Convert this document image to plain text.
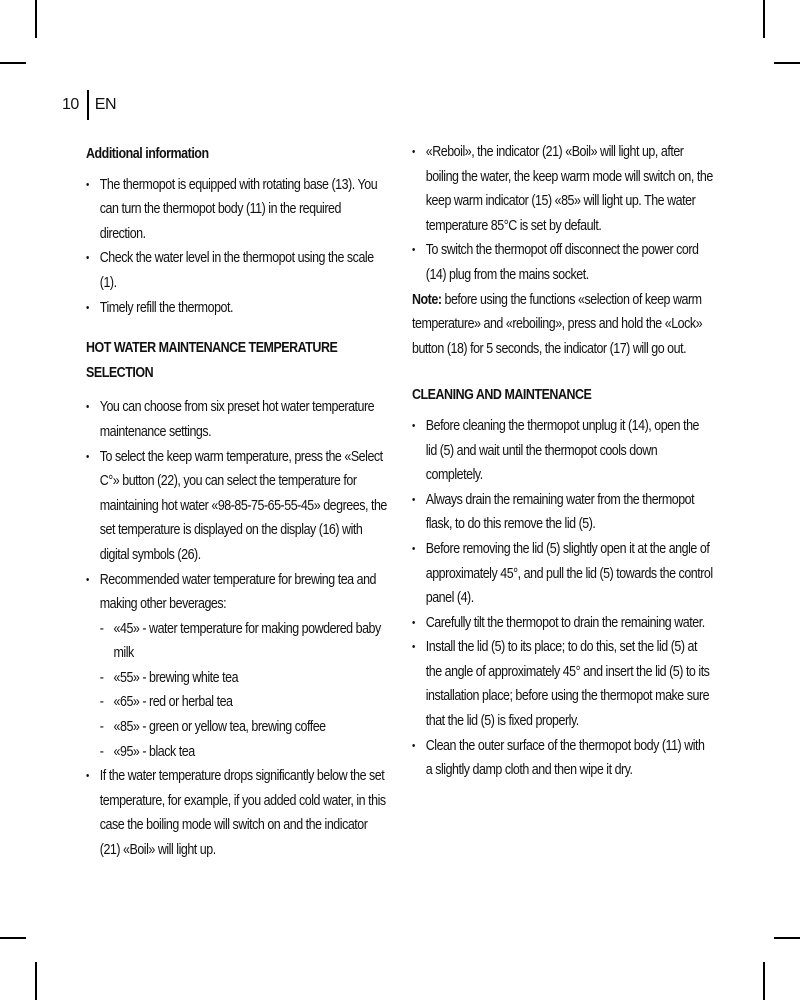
10 EN
Additional information
• The thermopot is equipped with rotating base (13). You can turn the thermopot body (11) in the required direction.
• Check the water level in the thermopot using the scale (1).
• Timely refill the thermopot.
HOT WATER MAINTENANCE TEMPERATURE SELECTION
• You can choose from six preset hot water temperature maintenance settings.
• To select the keep warm temperature, press the «Select C°» button (22), you can select the temperature for maintaining hot water «98-85-75-65-55-45» degrees, the set temperature is displayed on the display (16) with digital symbols (26).
• Recommended water temperature for brewing tea and making other beverages:
- «45» - water temperature for making powdered baby milk
- «55» - brewing white tea
- «65» - red or herbal tea
- «85» - green or yellow tea, brewing coffee
- «95» - black tea
• If the water temperature drops significantly below the set temperature, for example, if you added cold water, in this case the boiling mode will switch on and the indicator (21) «Boil» will light up.
• «Reboil», the indicator (21) «Boil» will light up, after boiling the water, the keep warm mode will switch on, the keep warm indicator (15) «85» will light up. The water temperature 85°C is set by default.
• To switch the thermopot off disconnect the power cord (14) plug from the mains socket.
Note: before using the functions «selection of keep warm temperature» and «reboiling», press and hold the «Lock» button (18) for 5 seconds, the indicator (17) will go out.
CLEANING AND MAINTENANCE
• Before cleaning the thermopot unplug it (14), open the lid (5) and wait until the thermopot cools down completely.
• Always drain the remaining water from the thermopot flask, to do this remove the lid (5).
• Before removing the lid (5) slightly open it at the angle of approximately 45°, and pull the lid (5) towards the control panel (4).
• Carefully tilt the thermopot to drain the remaining water.
• Install the lid (5) to its place; to do this, set the lid (5) at the angle of approximately 45° and insert the lid (5) to its installation place; before using the thermopot make sure that the lid (5) is fixed properly.
• Clean the outer surface of the thermopot body (11) with a slightly damp cloth and then wipe it dry.
